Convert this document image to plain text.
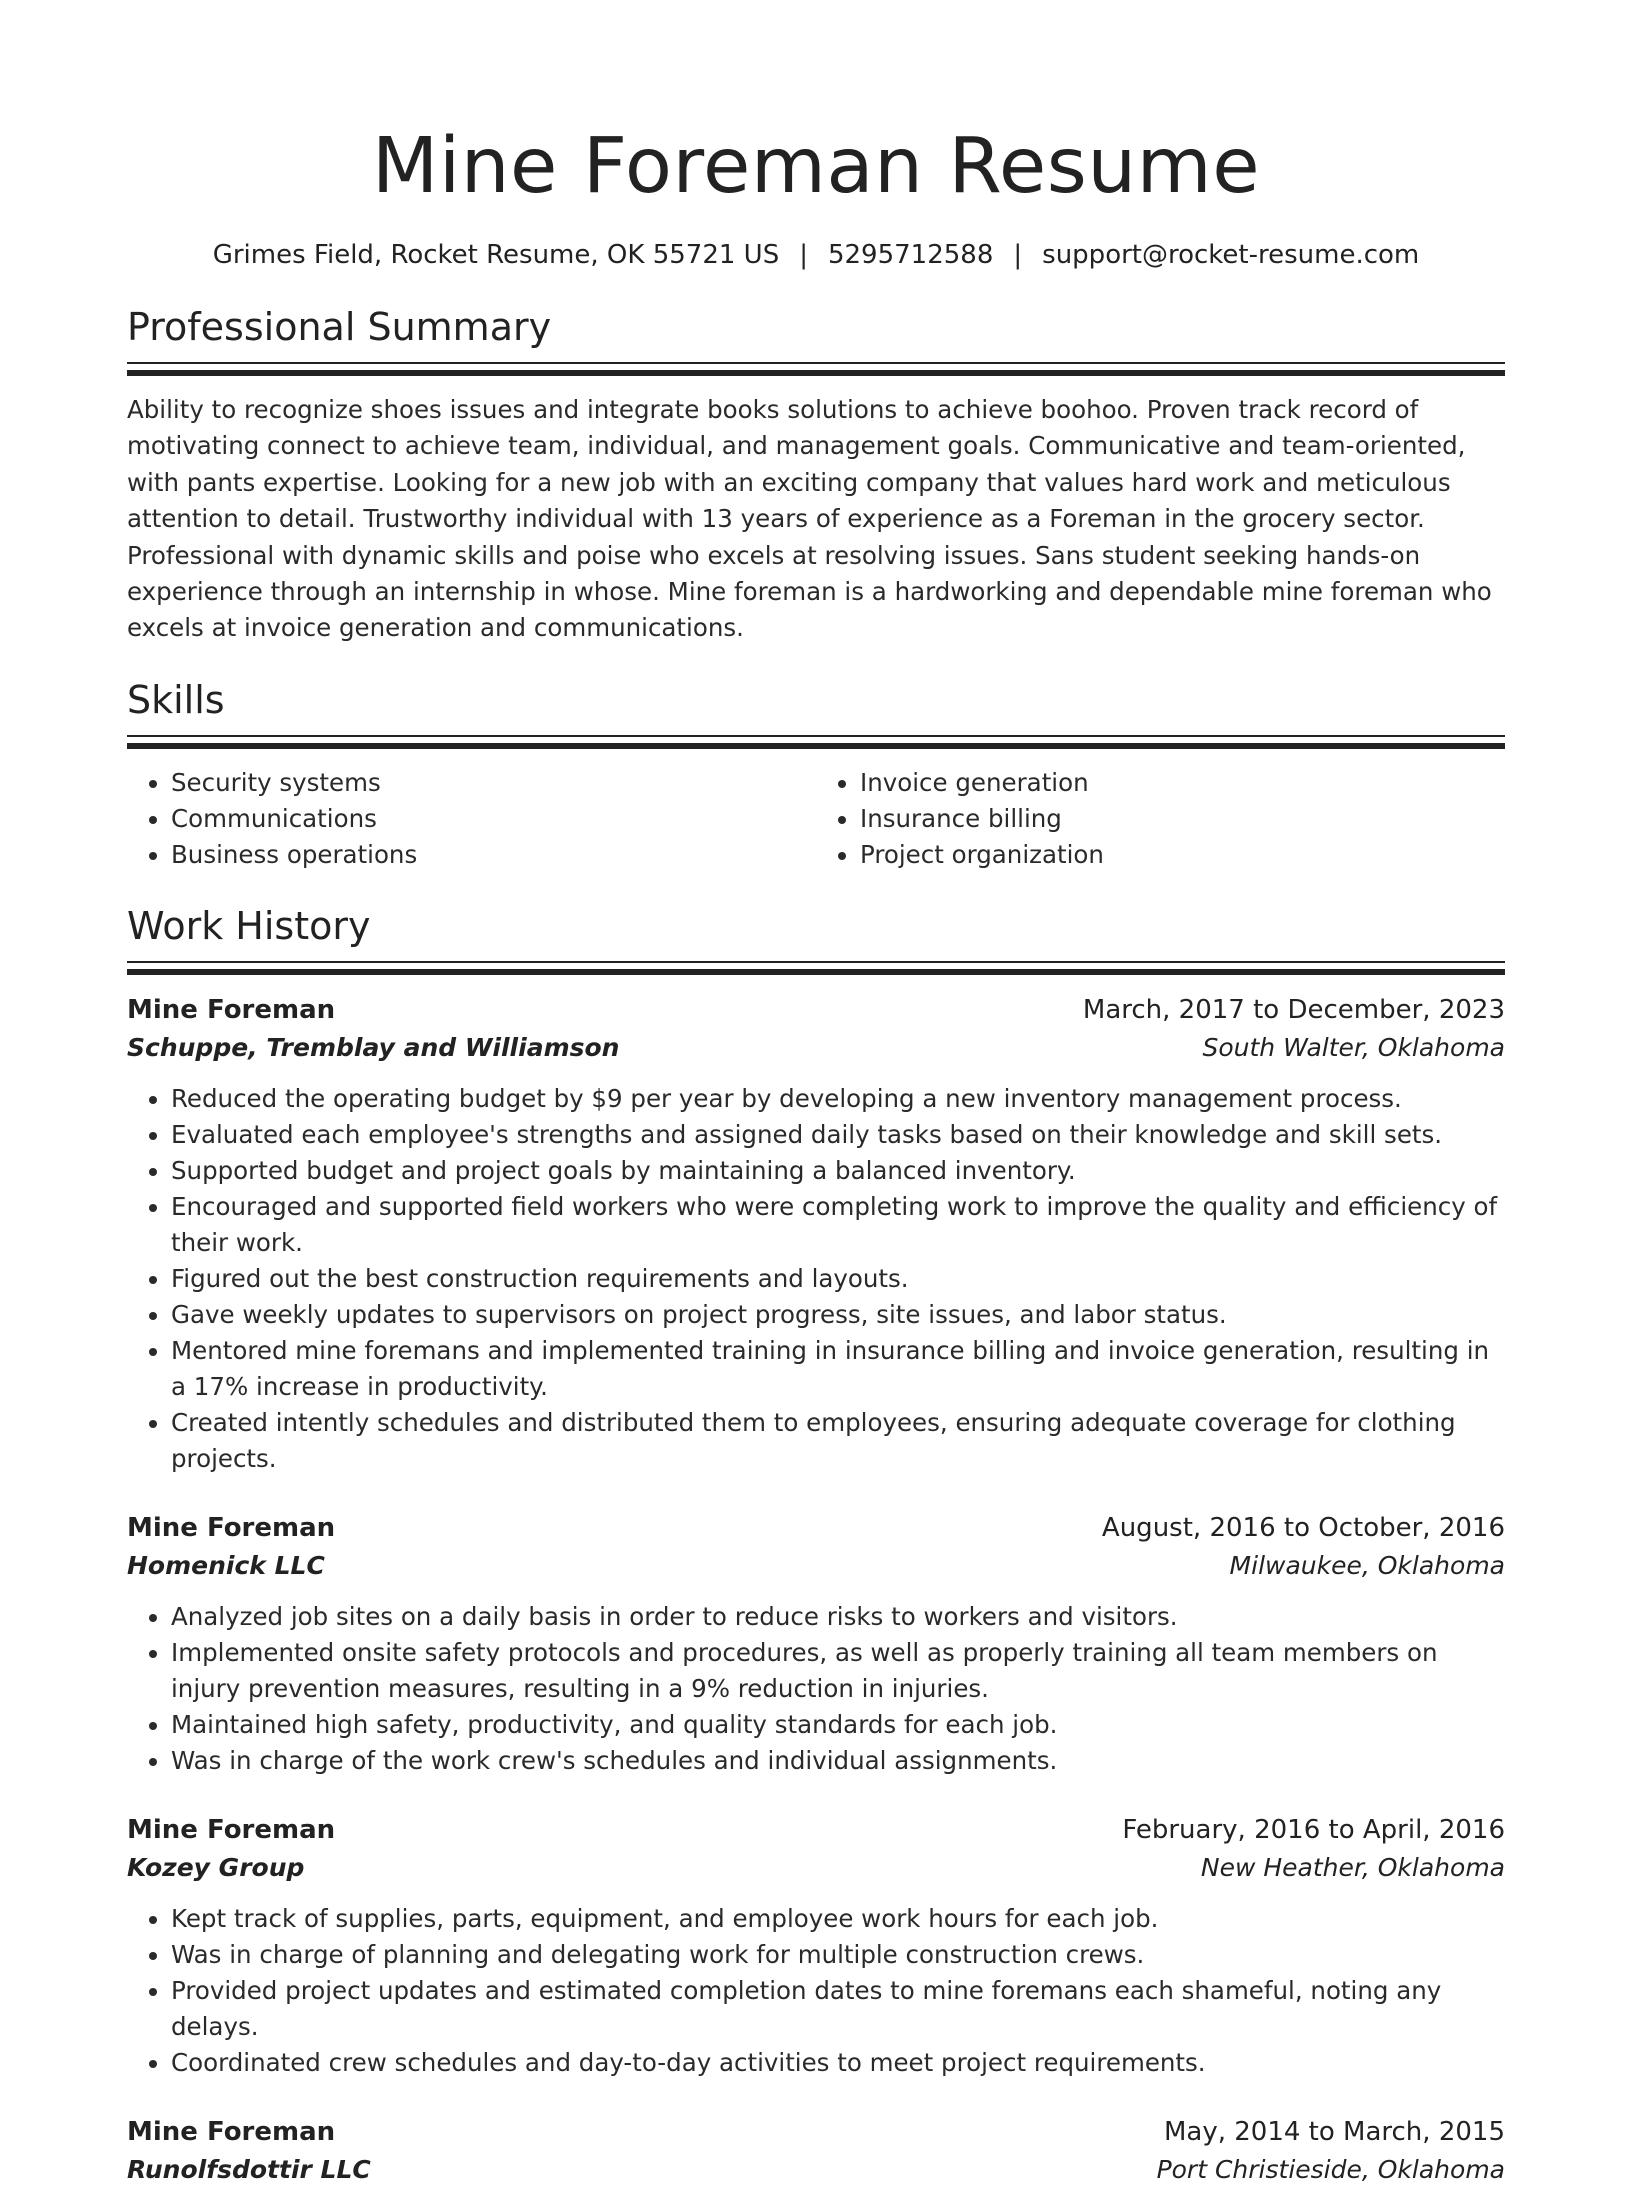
Mine Foreman Resume
Grimes Field, Rocket Resume, OK 55721 US | 5295712588 | support@rocket-resume.com
Professional Summary

Ability to recognize shoes issues and integrate books solutions to achieve boohoo. Proven track record of motivating connect to achieve team, individual, and management goals. Communicative and team-oriented, with pants expertise. Looking for a new job with an exciting company that values hard work and meticulous attention to detail. Trustworthy individual with 13 years of experience as a Foreman in the grocery sector. Professional with dynamic skills and poise who excels at resolving issues. Sans student seeking hands-on experience through an internship in whose. Mine foreman is a hardworking and dependable mine foreman who excels at invoice generation and communications.

Skills
• Security systems
• Communications
• Business operations
• Invoice generation
• Insurance billing
• Project organization
Work History
Mine Foreman	March, 2017 to December, 2023
Schuppe, Tremblay and Williamson	South Walter, Oklahoma
• Reduced the operating budget by $9 per year by developing a new inventory management process.
• Evaluated each employee's strengths and assigned daily tasks based on their knowledge and skill sets.
• Supported budget and project goals by maintaining a balanced inventory.
• Encouraged and supported field workers who were completing work to improve the quality and efficiency of their work.
• Figured out the best construction requirements and layouts.
• Gave weekly updates to supervisors on project progress, site issues, and labor status.
• Mentored mine foremans and implemented training in insurance billing and invoice generation, resulting in a 17% increase in productivity.
• Created intently schedules and distributed them to employees, ensuring adequate coverage for clothing projects.
Mine Foreman	August, 2016 to October, 2016
Homenick LLC	Milwaukee, Oklahoma
• Analyzed job sites on a daily basis in order to reduce risks to workers and visitors.
• Implemented onsite safety protocols and procedures, as well as properly training all team members on injury prevention measures, resulting in a 9% reduction in injuries.
• Maintained high safety, productivity, and quality standards for each job.
• Was in charge of the work crew's schedules and individual assignments.
Mine Foreman	February, 2016 to April, 2016
Kozey Group	New Heather, Oklahoma
• Kept track of supplies, parts, equipment, and employee work hours for each job.
• Was in charge of planning and delegating work for multiple construction crews.
• Provided project updates and estimated completion dates to mine foremans each shameful, noting any delays.
• Coordinated crew schedules and day-to-day activities to meet project requirements.
Mine Foreman	May, 2014 to March, 2015
Runolfsdottir LLC	Port Christieside, Oklahoma
